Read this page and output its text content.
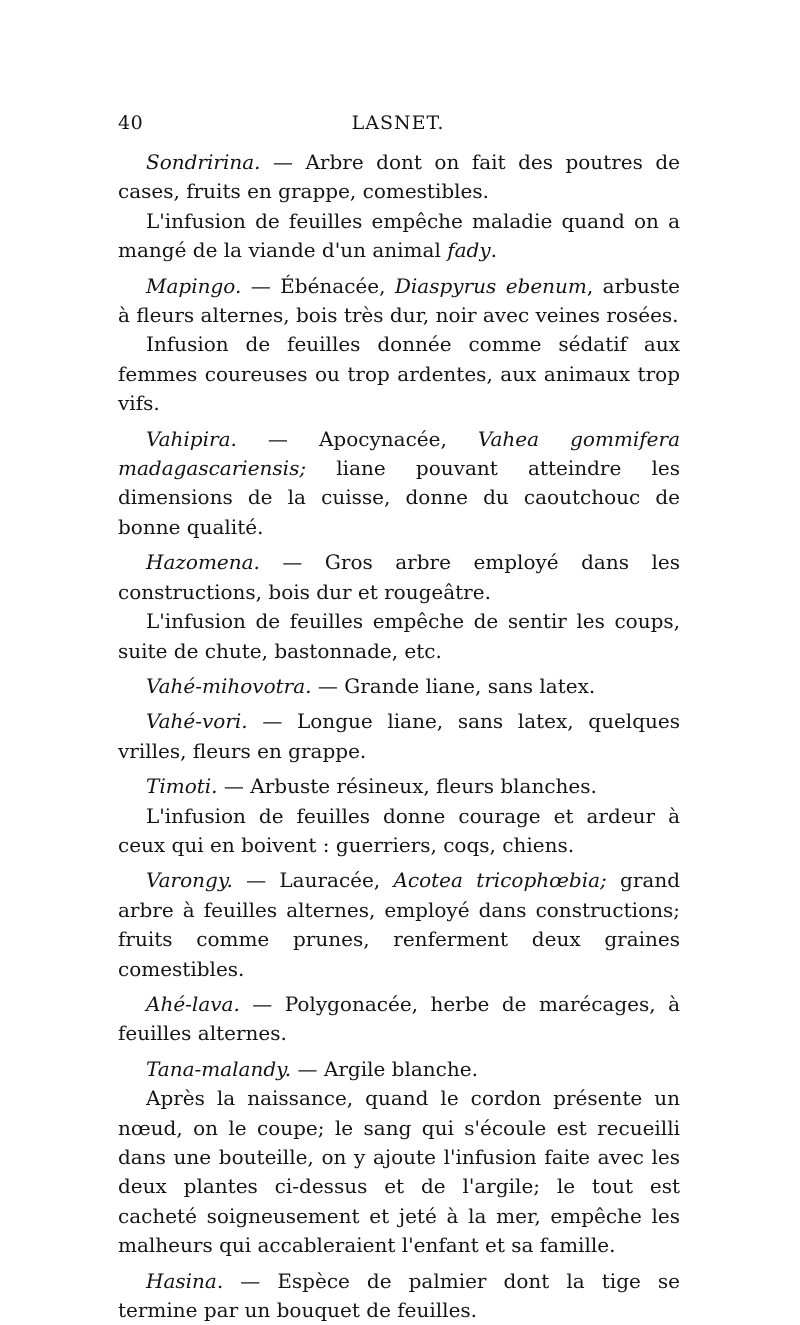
40	LASNET.

Sondririna. — Arbre dont on fait des poutres de cases, fruits en grappe, comestibles.

L'infusion de feuilles empêche maladie quand on a mangé de la viande d'un animal fady.

Mapingo. — Ébénacée, Diaspyrus ebenum, arbuste à fleurs alternes, bois très dur, noir avec veines rosées.

Infusion de feuilles donnée comme sédatif aux femmes coureuses ou trop ardentes, aux animaux trop vifs.

Vahipira. — Apocynacée, Vahea gommifera madagascariensis; liane pouvant atteindre les dimensions de la cuisse, donne du caoutchouc de bonne qualité.

Hazomena. — Gros arbre employé dans les constructions, bois dur et rougeâtre.

L'infusion de feuilles empêche de sentir les coups, suite de chute, bastonnade, etc.

Vahé-mihovotra. — Grande liane, sans latex.

Vahé-vori. — Longue liane, sans latex, quelques vrilles, fleurs en grappe.

Timoti. — Arbuste résineux, fleurs blanches.

L'infusion de feuilles donne courage et ardeur à ceux qui en boivent : guerriers, coqs, chiens.

Varongy. — Lauracée, Acotea tricophœbia; grand arbre à feuilles alternes, employé dans constructions; fruits comme prunes, renferment deux graines comestibles.

Ahé-lava. — Polygonacée, herbe de marécages, à feuilles alternes.

Tana-malandy. — Argile blanche.

Après la naissance, quand le cordon présente un nœud, on le coupe; le sang qui s'écoule est recueilli dans une bouteille, on y ajoute l'infusion faite avec les deux plantes ci-dessus et de l'argile; le tout est cacheté soigneusement et jeté à la mer, empêche les malheurs qui accableraient l'enfant et sa famille.

Hasina. — Espèce de palmier dont la tige se termine par un bouquet de feuilles.
